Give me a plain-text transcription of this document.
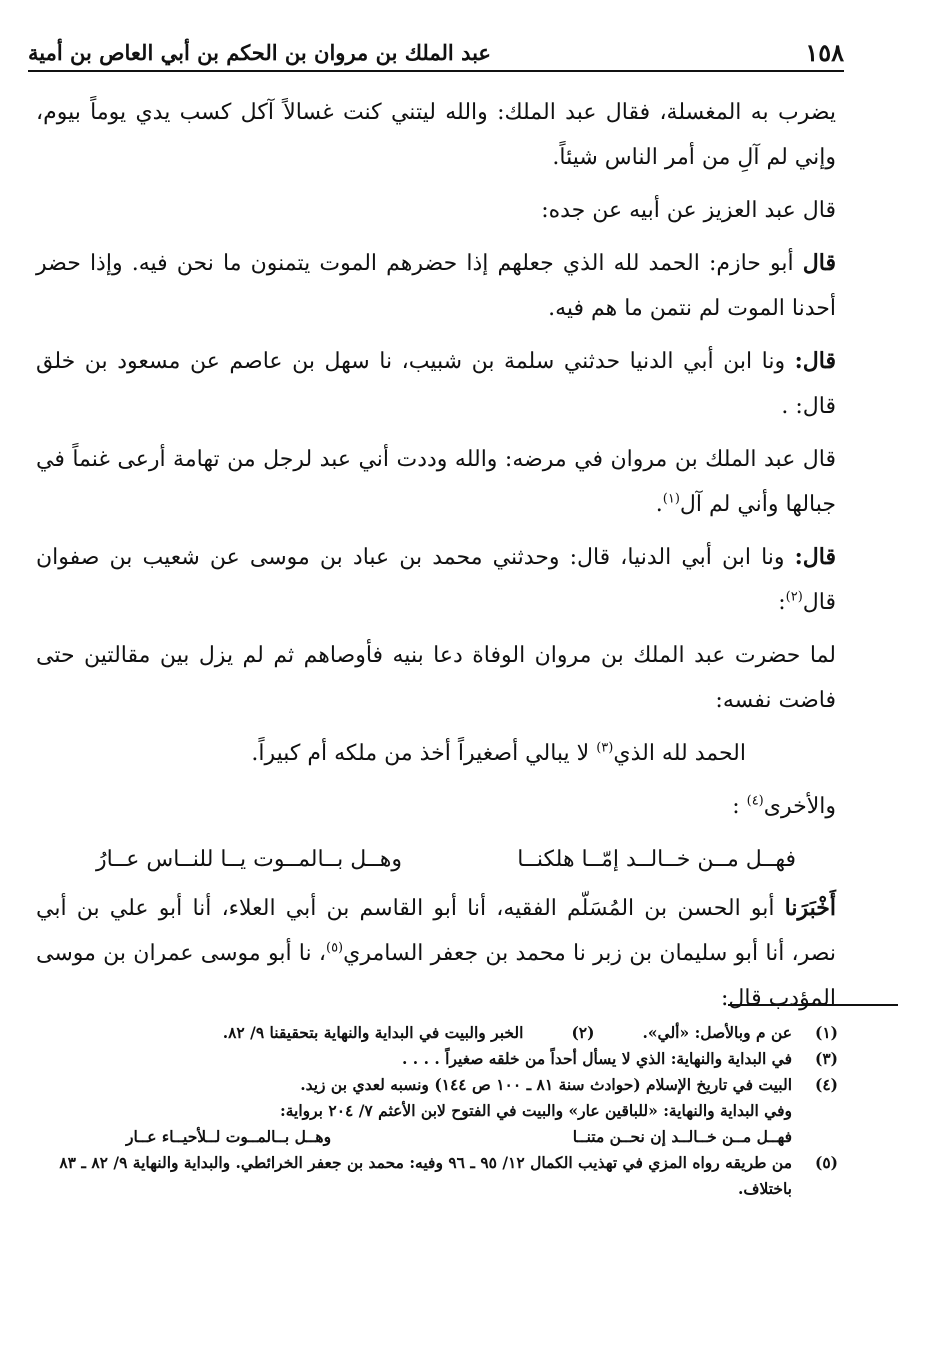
١٥٨
عبد الملك بن مروان بن الحكم بن أبي العاص بن أمية

يضرب به المغسلة، فقال عبد الملك: والله ليتني كنت غسالاً آكل كسب يدي يوماً بيوم، وإني لم آلِ من أمر الناس شيئاً.

قال عبد العزيز عن أبيه عن جده:

قال أبو حازم: الحمد لله الذي جعلهم إذا حضرهم الموت يتمنون ما نحن فيه. وإذا حضر أحدنا الموت لم نتمن ما هم فيه.

قال: ونا ابن أبي الدنيا حدثني سلمة بن شبيب، نا سهل بن عاصم عن مسعود بن خلق قال: .

قال عبد الملك بن مروان في مرضه: والله وددت أني عبد لرجل من تهامة أرعى غنماً في جبالها وأني لم آل$^{(١)}$.

قال: ونا ابن أبي الدنيا، قال: وحدثني محمد بن عباد بن موسى عن شعيب بن صفوان قال$^{(٢)}$:

لما حضرت عبد الملك بن مروان الوفاة دعا بنيه فأوصاهم ثم لم يزل بين مقالتين حتى فاضت نفسه:

الحمد لله الذي$^{(٣)}$ لا يبالي أصغيراً أخذ من ملكه أم كبيراً.

والأخرى$^{(٤)}$ :

فهــل مــن خــالــد إمّــا هلكنــا
وهــل بــالمــوت يــا للنــاس عــارُ

أَخْبَرَنا أبو الحسن بن المُسَلّم الفقيه، أنا أبو القاسم بن أبي العلاء، أنا أبو علي بن أبي نصر، أنا أبو سليمان بن زبر نا محمد بن جعفر السامري$^{(٥)}$، نا أبو موسى عمران بن موسى المؤدب قال:

(١)
عن م وبالأصل: «ألي».
(٢)
الخبر والبيت في البداية والنهاية بتحقيقنا ٩/ ٨٢.
(٣)
في البداية والنهاية: الذي لا يسأل أحداً من خلقه صغيراً . . . .
(٤)
البيت في تاريخ الإسلام (حوادث سنة ٨١ ـ ١٠٠ ص ١٤٤) ونسبه لعدي بن زيد.
وفي البداية والنهاية: «للباقين عار» والبيت في الفتوح لابن الأعثم ٧/ ٢٠٤ برواية:
فهــل مــن خــالــد إن نحــن متنــا
وهــل بــالمــوت لــلأحيــاء عــار
(٥)
من طريقه رواه المزي في تهذيب الكمال ١٢/ ٩٥ ـ ٩٦ وفيه: محمد بن جعفر الخرائطي. والبداية والنهاية ٩/ ٨٢ ـ ٨٣ باختلاف.
